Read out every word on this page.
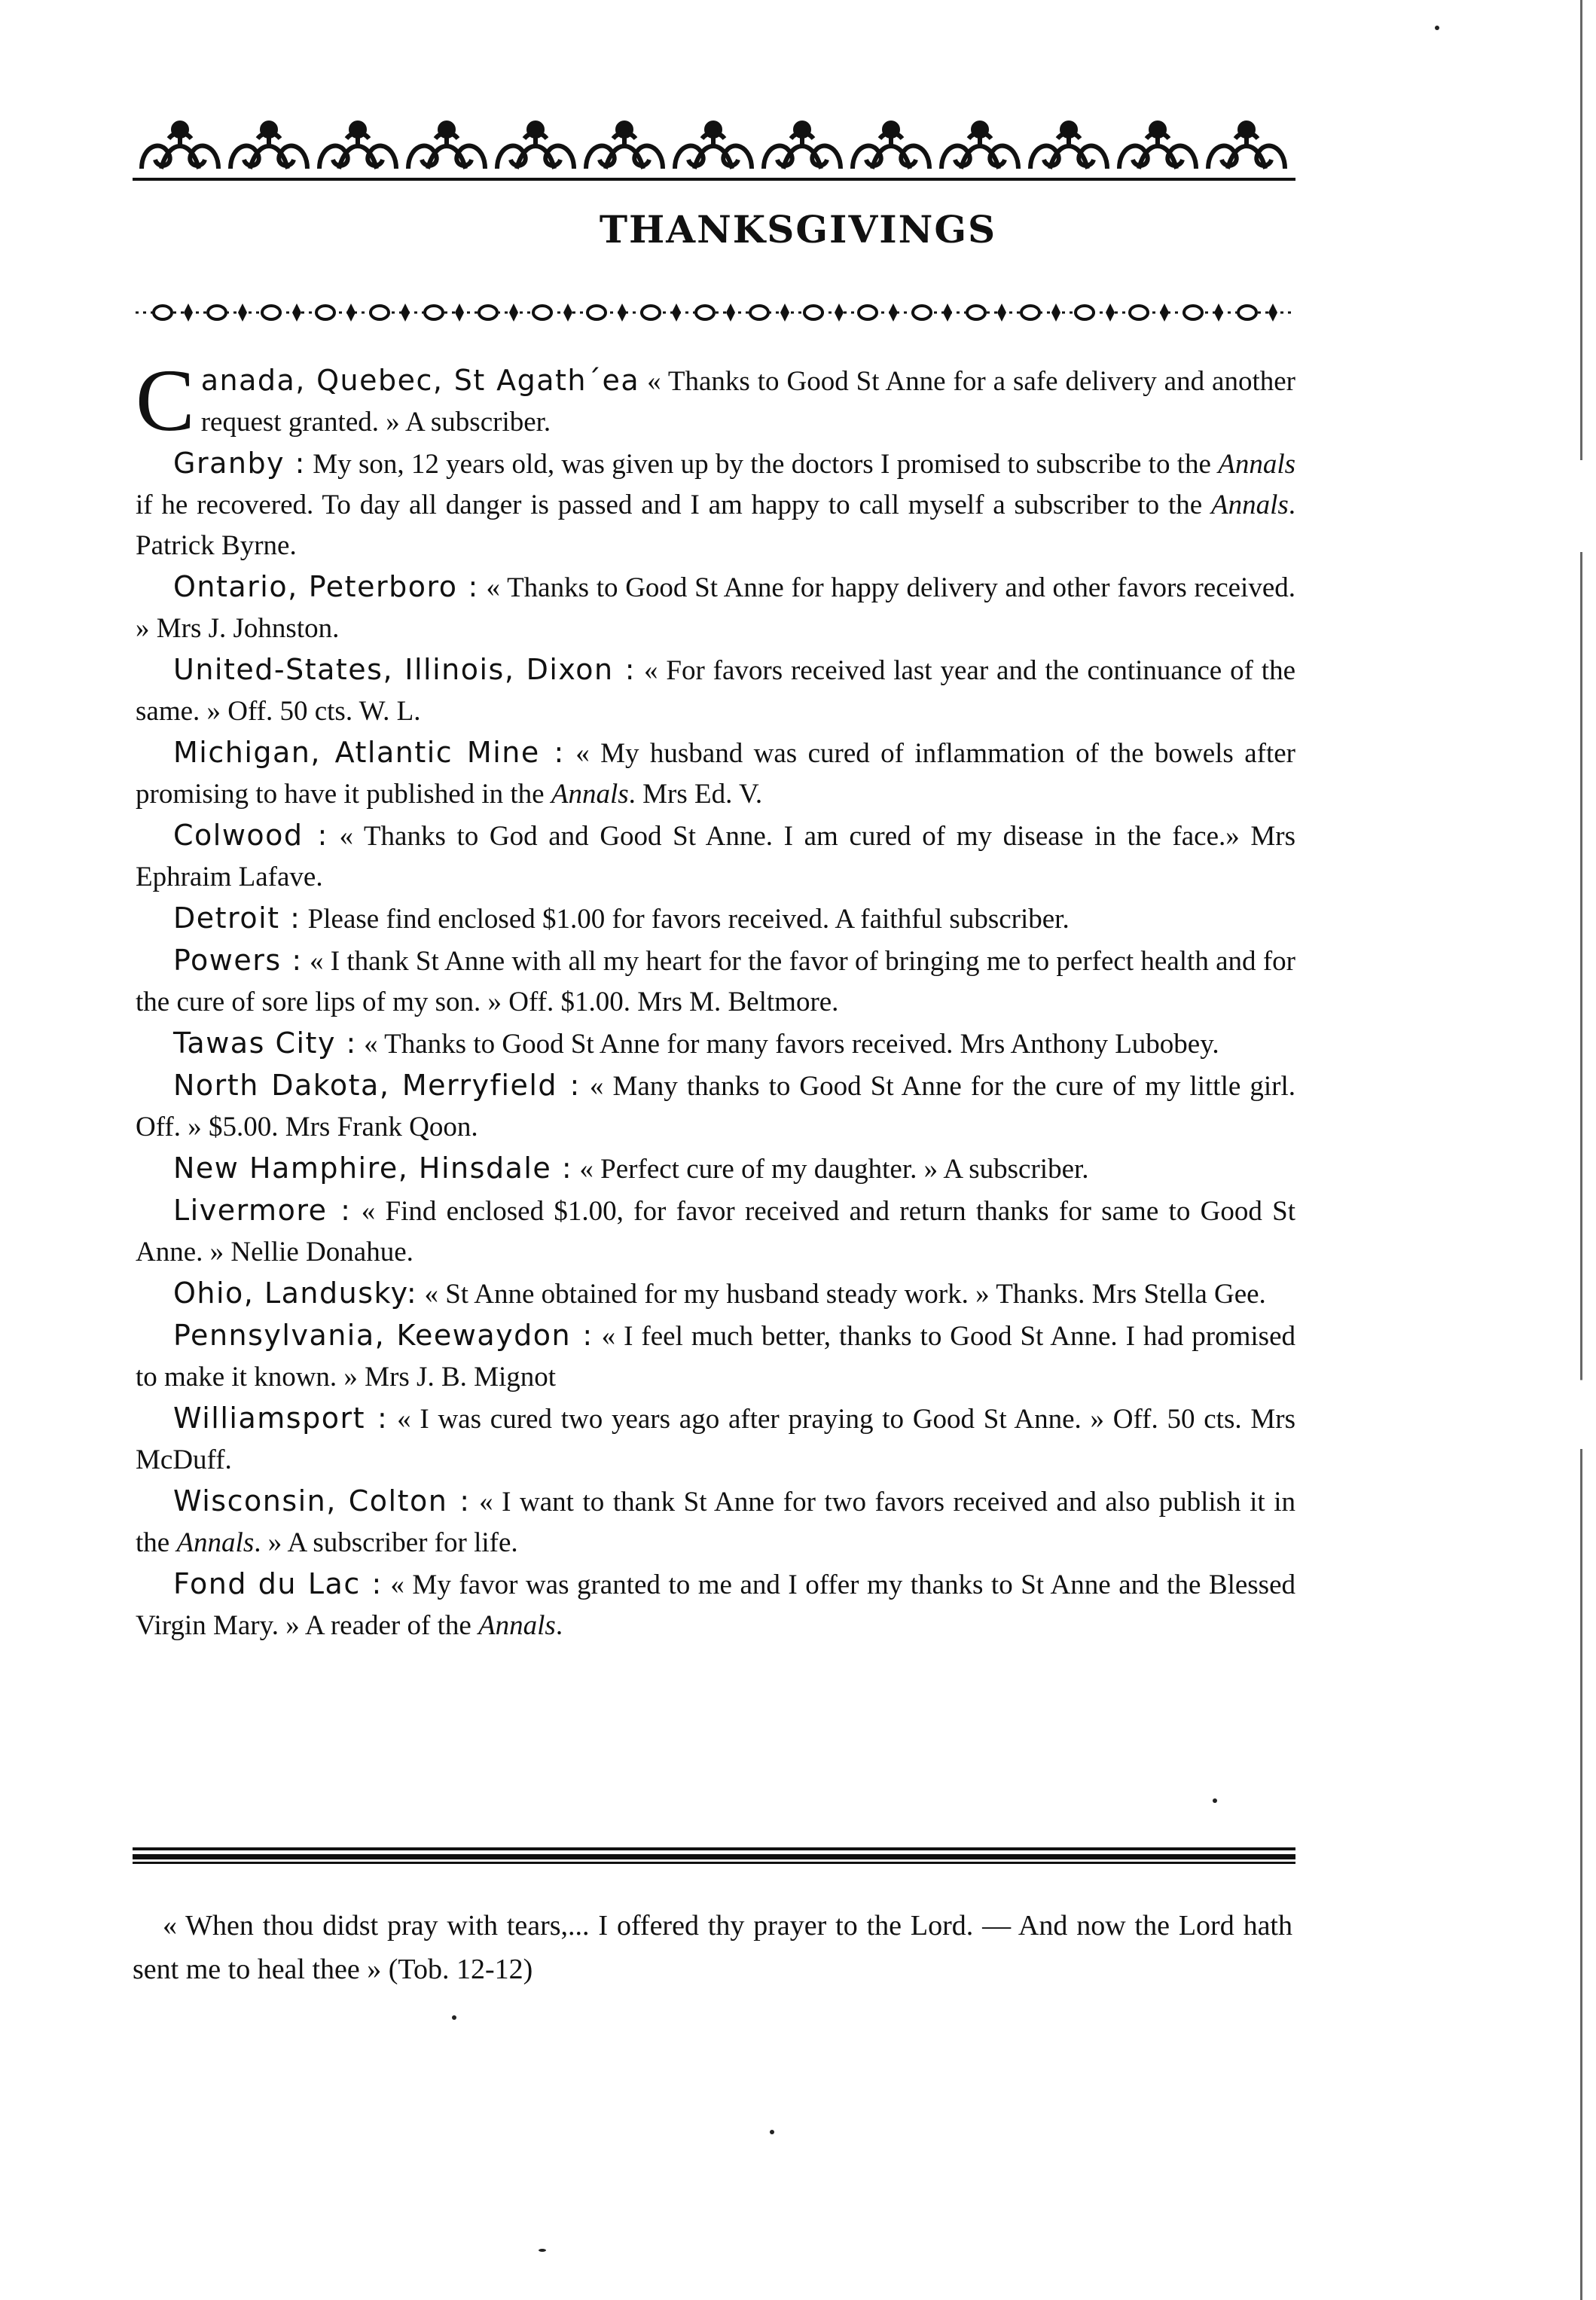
THANKSGIVINGS

Canada, Quebec, St Agath´ea « Thanks to Good St Anne for a safe delivery and another request granted. » A subscriber.

Granby : My son, 12 years old, was given up by the doctors I promised to subscribe to the Annals if he recovered. To day all danger is passed and I am happy to call myself a subscriber to the Annals. Patrick Byrne.

Ontario, Peterboro : « Thanks to Good St Anne for happy delivery and other favors received. » Mrs J. Johnston.

United-States, Illinois, Dixon : « For favors received last year and the continuance of the same. » Off. 50 cts. W. L.

Michigan, Atlantic Mine : « My husband was cured of inflammation of the bowels after promising to have it published in the Annals. Mrs Ed. V.

Colwood : « Thanks to God and Good St Anne. I am cured of my disease in the face.» Mrs Ephraim Lafave.

Detroit : Please find enclosed $1.00 for favors received. A faithful subscriber.

Powers : « I thank St Anne with all my heart for the favor of bringing me to perfect health and for the cure of sore lips of my son. » Off. $1.00. Mrs M. Beltmore.

Tawas City : « Thanks to Good St Anne for many favors received. Mrs Anthony Lubobey.

North Dakota, Merryfield : « Many thanks to Good St Anne for the cure of my little girl. Off. » $5.00. Mrs Frank Qoon.

New Hamphire, Hinsdale : « Perfect cure of my daughter. » A subscriber.

Livermore : « Find enclosed $1.00, for favor received and return thanks for same to Good St Anne. » Nellie Donahue.

Ohio, Landusky: « St Anne obtained for my husband steady work. » Thanks. Mrs Stella Gee.

Pennsylvania, Keewaydon : « I feel much better, thanks to Good St Anne. I had promised to make it known. » Mrs J. B. Mignot

Williamsport : « I was cured two years ago after praying to Good St Anne. » Off. 50 cts. Mrs McDuff.

Wisconsin, Colton : « I want to thank St Anne for two favors received and also publish it in the Annals. » A subscriber for life.

Fond du Lac : « My favor was granted to me and I offer my thanks to St Anne and the Blessed Virgin Mary. » A reader of the Annals.

« When thou didst pray with tears,... I offered thy prayer to the Lord. — And now the Lord hath sent me to heal thee » (Tob. 12-12)
